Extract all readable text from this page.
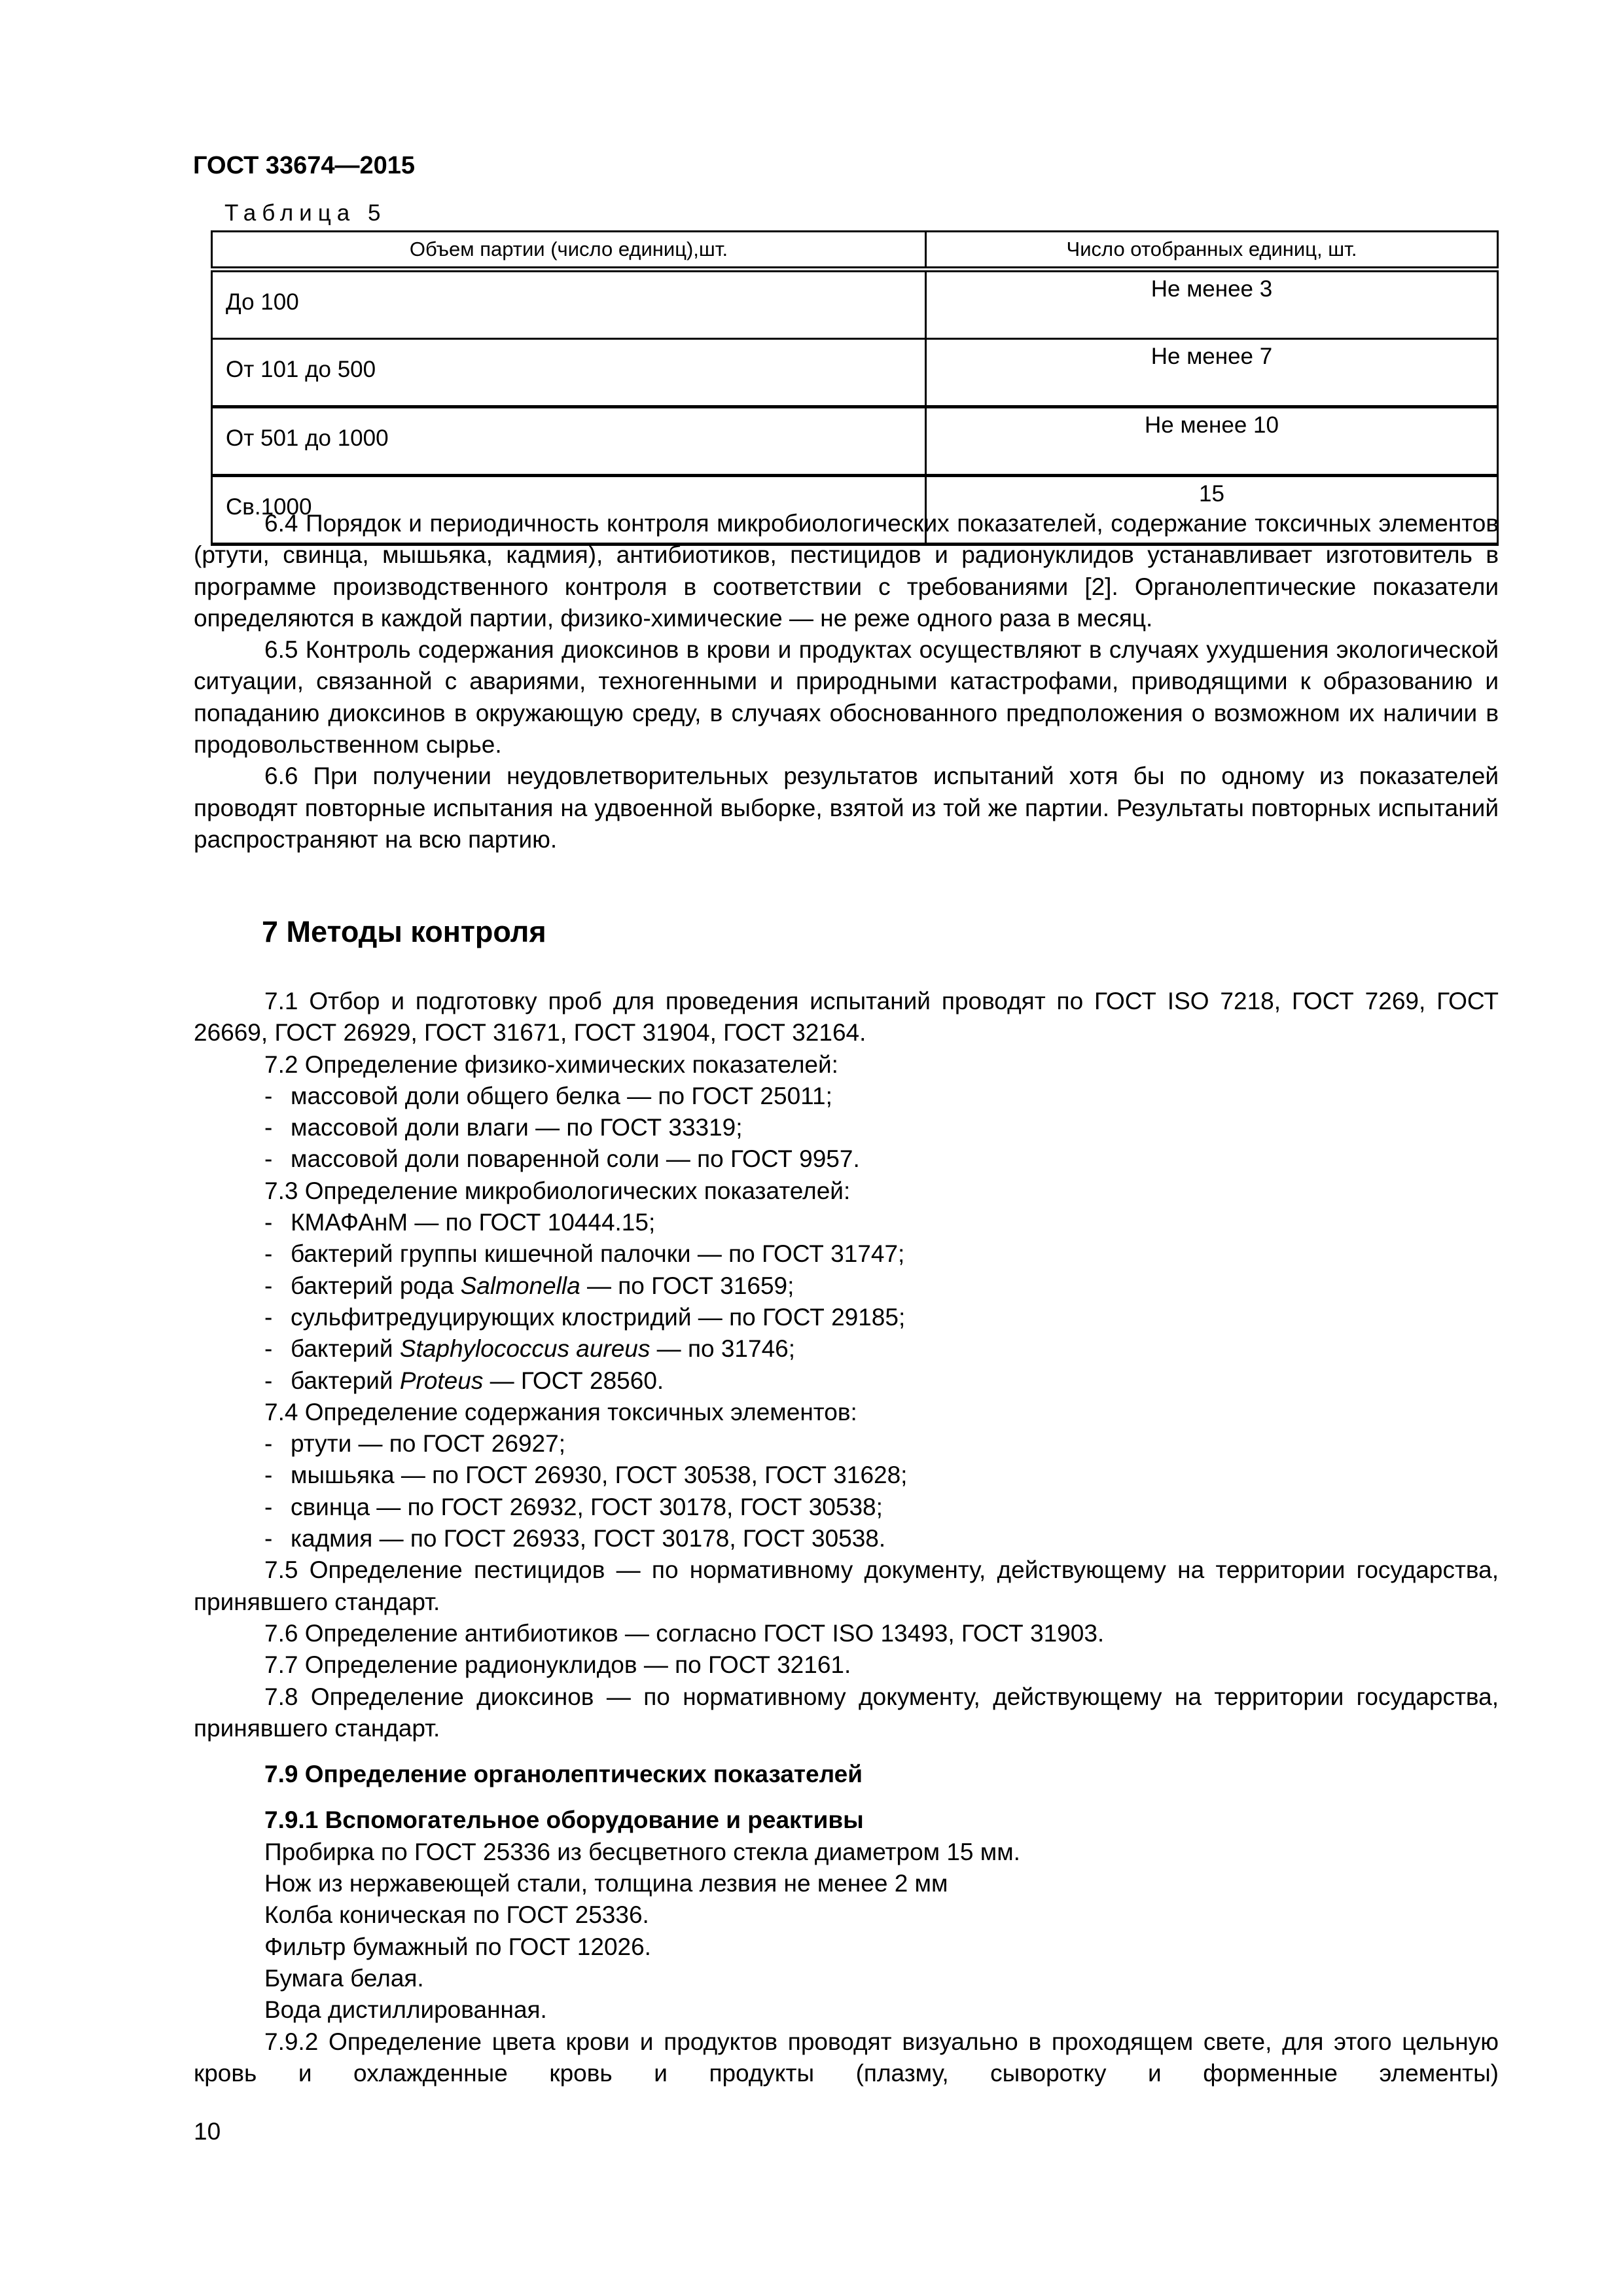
ГОСТ 33674—2015
Таблица 5
Объем партии (число единиц),шт.	Число отобранных единиц, шт.
До 100	Не менее 3
От 101 до 500	Не менее 7
От 501 до 1000	Не менее 10
Св.1000	15

6.4 Порядок и периодичность контроля микробиологических показателей, содержание токсичных элементов (ртути, свинца, мышьяка, кадмия), антибиотиков, пестицидов и радионуклидов устанавливает изготовитель в программе производственного контроля в соответствии с требованиями [2]. Органолептические показатели определяются в каждой партии, физико-химические — не реже одного раза в месяц.

6.5 Контроль содержания диоксинов в крови и продуктах осуществляют в случаях ухудшения экологической ситуации, связанной с авариями, техногенными и природными катастрофами, приводящими к образованию и попаданию диоксинов в окружающую среду, в случаях обоснованного предположения о возможном их наличии в продовольственном сырье.

6.6 При получении неудовлетворительных результатов испытаний хотя бы по одному из показателей проводят повторные испытания на удвоенной выборке, взятой из той же партии. Результаты повторных испытаний распространяют на всю партию.

7 Методы контроля

7.1 Отбор и подготовку проб для проведения испытаний проводят по ГОСТ ISO 7218, ГОСТ 7269, ГОСТ 26669, ГОСТ 26929, ГОСТ 31671, ГОСТ 31904, ГОСТ 32164.

7.2 Определение физико-химических показателей:

- массовой доли общего белка — по ГОСТ 25011;

- массовой доли влаги — по ГОСТ 33319;

- массовой доли поваренной соли — по ГОСТ 9957.

7.3 Определение микробиологических показателей:

- КМАФАнМ — по ГОСТ 10444.15;

- бактерий группы кишечной палочки — по ГОСТ 31747;

- бактерий рода Salmonella — по ГОСТ 31659;

- сульфитредуцирующих клостридий — по ГОСТ 29185;

- бактерий Staphylococcus aureus — по 31746;

- бактерий Proteus — ГОСТ 28560.

7.4 Определение содержания токсичных элементов:

- ртути — по ГОСТ 26927;

- мышьяка — по ГОСТ 26930, ГОСТ 30538, ГОСТ 31628;

- свинца — по ГОСТ 26932, ГОСТ 30178, ГОСТ 30538;

- кадмия — по ГОСТ 26933, ГОСТ 30178, ГОСТ 30538.

7.5 Определение пестицидов — по нормативному документу, действующему на территории государства, принявшего стандарт.

7.6 Определение антибиотиков — согласно ГОСТ ISO 13493, ГОСТ 31903.

7.7 Определение радионуклидов — по ГОСТ 32161.

7.8 Определение диоксинов — по нормативному документу, действующему на территории государства, принявшего стандарт.

7.9 Определение органолептических показателей

7.9.1 Вспомогательное оборудование и реактивы

Пробирка по ГОСТ 25336 из бесцветного стекла диаметром 15 мм.

Нож из нержавеющей стали, толщина лезвия не менее 2 мм

Колба коническая по ГОСТ 25336.

Фильтр бумажный по ГОСТ 12026.

Бумага белая.

Вода дистиллированная.

7.9.2 Определение цвета крови и продуктов проводят визуально в проходящем свете, для этого цельную кровь и охлажденные кровь и продукты (плазму, сыворотку и форменные элементы)

10
